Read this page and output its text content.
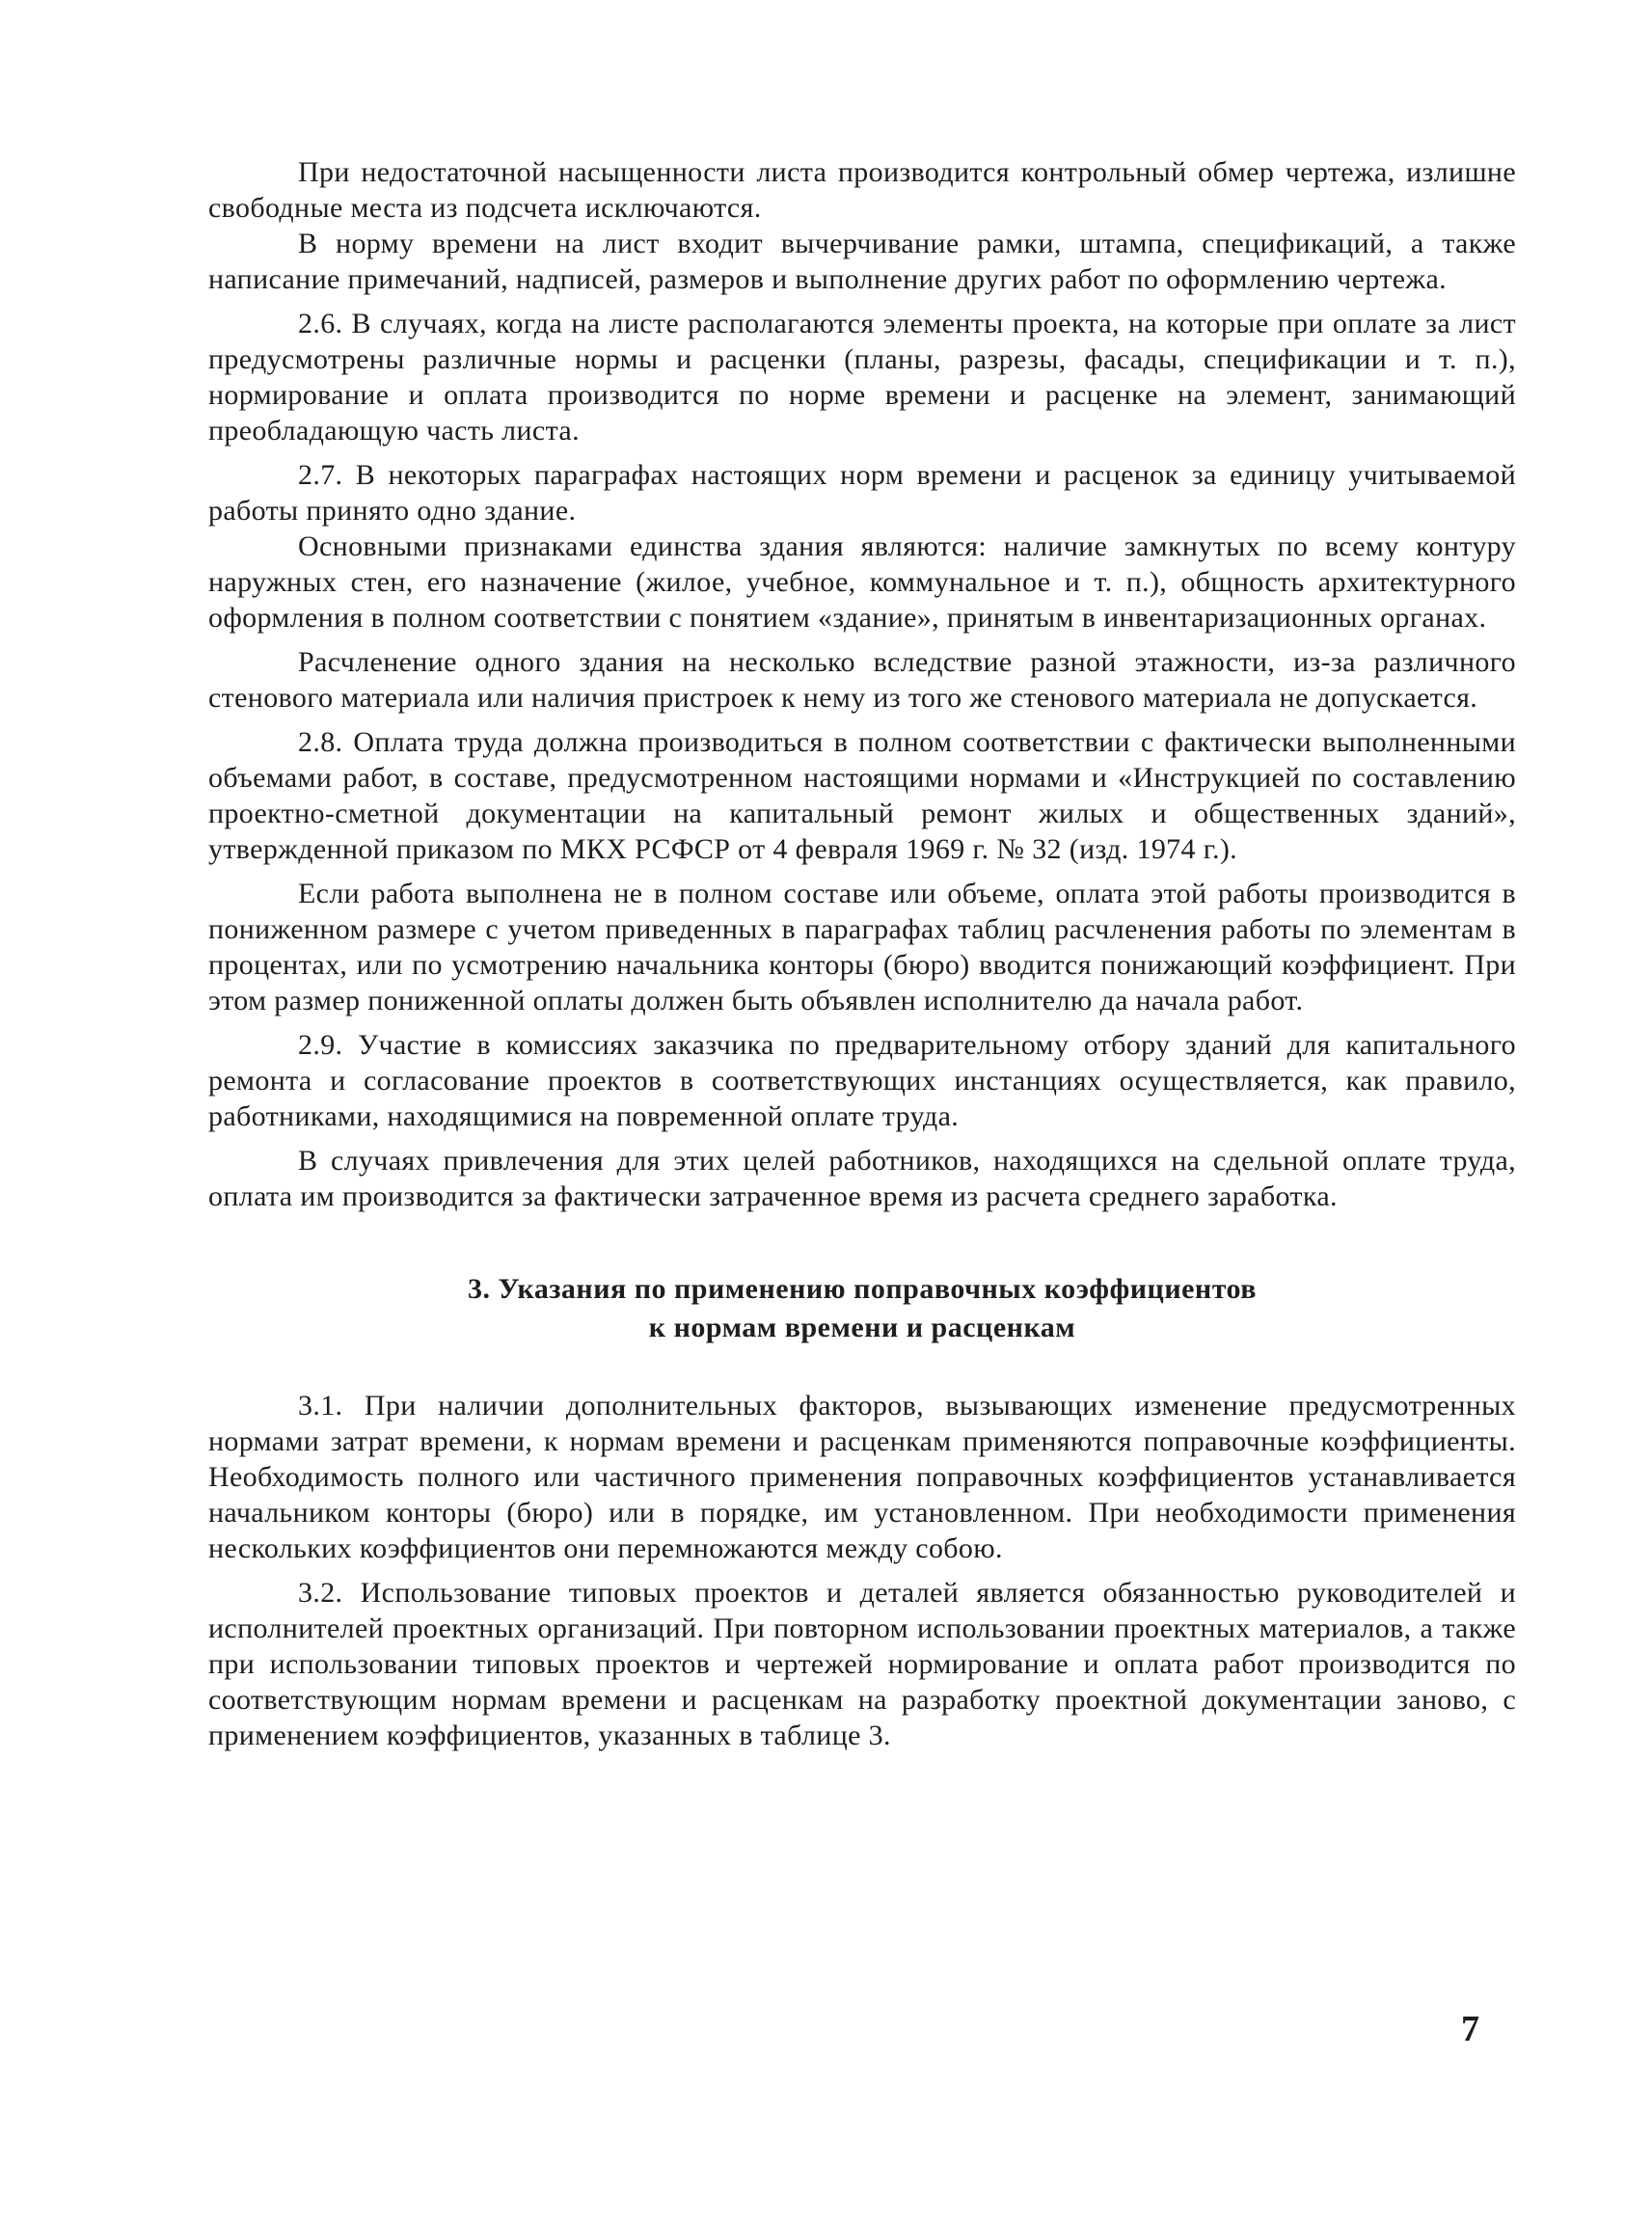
При недостаточной насыщенности листа производится контрольный обмер чертежа, излишне свободные места из подсчета исключаются.

В норму времени на лист входит вычерчивание рамки, штампа, спецификаций, а также написание примечаний, надписей, размеров и выполнение других работ по оформлению чертежа.

2.6. В случаях, когда на листе располагаются элементы проекта, на которые при оплате за лист предусмотрены различные нормы и расценки (планы, разрезы, фасады, спецификации и т. п.), нормирование и оплата производится по норме времени и расценке на элемент, занимающий преобладающую часть листа.

2.7. В некоторых параграфах настоящих норм времени и расценок за единицу учитываемой работы принято одно здание.

Основными признаками единства здания являются: наличие замкнутых по всему контуру наружных стен, его назначение (жилое, учебное, коммунальное и т. п.), общность архитектурного оформления в полном соответствии с понятием «здание», принятым в инвентаризационных органах.

Расчленение одного здания на несколько вследствие разной этажности, из-за различного стенового материала или наличия пристроек к нему из того же стенового материала не допускается.

2.8. Оплата труда должна производиться в полном соответствии с фактически выполненными объемами работ, в составе, предусмотренном настоящими нормами и «Инструкцией по составлению проектно-сметной документации на капитальный ремонт жилых и общественных зданий», утвержденной приказом по МКХ РСФСР от 4 февраля 1969 г. № 32 (изд. 1974 г.).

Если работа выполнена не в полном составе или объеме, оплата этой работы производится в пониженном размере с учетом приведенных в параграфах таблиц расчленения работы по элементам в процентах, или по усмотрению начальника конторы (бюро) вводится понижающий коэффициент. При этом размер пониженной оплаты должен быть объявлен исполнителю да начала работ.

2.9. Участие в комиссиях заказчика по предварительному отбору зданий для капитального ремонта и согласование проектов в соответствующих инстанциях осуществляется, как правило, работниками, находящимися на повременной оплате труда.

В случаях привлечения для этих целей работников, находящихся на сдельной оплате труда, оплата им производится за фактически затраченное время из расчета среднего заработка.

3. Указания по применению поправочных коэффициентов
к нормам времени и расценкам

3.1. При наличии дополнительных факторов, вызывающих изменение предусмотренных нормами затрат времени, к нормам времени и расценкам применяются поправочные коэффициенты. Необходимость полного или частичного применения поправочных коэффициентов устанавливается начальником конторы (бюро) или в порядке, им установленном. При необходимости применения нескольких коэффициентов они перемножаются между собою.

3.2. Использование типовых проектов и деталей является обязанностью руководителей и исполнителей проектных организаций. При повторном использовании проектных материалов, а также при использовании типовых проектов и чертежей нормирование и оплата работ производится по соответствующим нормам времени и расценкам на разработку проектной документации заново, с применением коэффициентов, указанных в таблице 3.

7
